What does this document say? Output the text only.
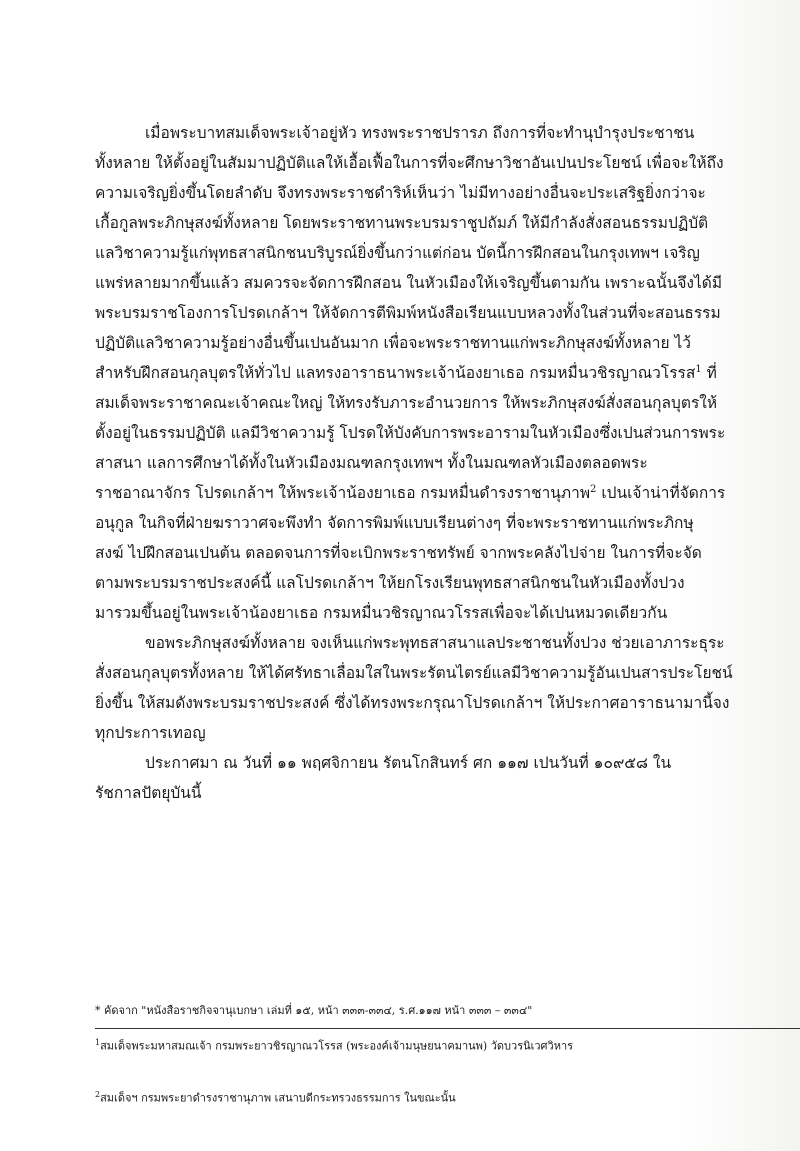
เมื่อพระบาทสมเด็จพระเจ้าอยู่หัว ทรงพระราชปรารภ ถึงการที่จะทำนุบำรุงประชาชน
ทั้งหลาย ให้ตั้งอยู่ในสัมมาปฏิบัติแลให้เอื้อเฟื้อในการที่จะศึกษาวิชาอันเปนประโยชน์ เพื่อจะให้ถึง
ความเจริญยิ่งขึ้นโดยลำดับ จึงทรงพระราชดำริห์เห็นว่า ไม่มีทางอย่างอื่นจะประเสริฐยิ่งกว่าจะ
เกื้อกูลพระภิกษุสงฆ์ทั้งหลาย โดยพระราชทานพระบรมราชูปถัมภ์ ให้มีกำลังสั่งสอนธรรมปฏิบัติ
แลวิชาความรู้แก่พุทธสาสนิกชนบริบูรณ์ยิ่งขึ้นกว่าแต่ก่อน บัดนี้การฝึกสอนในกรุงเทพฯ เจริญ
แพร่หลายมากขึ้นแล้ว สมควรจะจัดการฝึกสอน ในหัวเมืองให้เจริญขึ้นตามกัน เพราะฉนั้นจึงได้มี
พระบรมราชโองการโปรดเกล้าฯ ให้จัดการตีพิมพ์หนังสือเรียนแบบหลวงทั้งในส่วนที่จะสอนธรรม
ปฏิบัติแลวิชาความรู้อย่างอื่นขึ้นเปนอันมาก เพื่อจะพระราชทานแก่พระภิกษุสงฆ์ทั้งหลาย ไว้
สำหรับฝึกสอนกุลบุตรให้ทั่วไป แลทรงอาราธนาพระเจ้าน้องยาเธอ กรมหมื่นวชิรญาณวโรรส$^1$ ที่
สมเด็จพระราชาคณะเจ้าคณะใหญ่ ให้ทรงรับภาระอำนวยการ ให้พระภิกษุสงฆ์สั่งสอนกุลบุตรให้
ตั้งอยู่ในธรรมปฏิบัติ แลมีวิชาความรู้ โปรดให้บังคับการพระอารามในหัวเมืองซึ่งเปนส่วนการพระ
สาสนา แลการศึกษาได้ทั้งในหัวเมืองมณฑลกรุงเทพฯ ทั้งในมณฑลหัวเมืองตลอดพระ
ราชอาณาจักร โปรดเกล้าฯ ให้พระเจ้าน้องยาเธอ กรมหมื่นดำรงราชานุภาพ$^2$ เปนเจ้าน่าที่จัดการ
อนุกูล ในกิจที่ฝ่ายฆราวาศจะพึงทำ จัดการพิมพ์แบบเรียนต่างๆ ที่จะพระราชทานแก่พระภิกษุ
สงฆ์ ไปฝึกสอนเปนต้น ตลอดจนการที่จะเบิกพระราชทรัพย์ จากพระคลังไปจ่าย ในการที่จะจัด
ตามพระบรมราชประสงค์นี้ แลโปรดเกล้าฯ ให้ยกโรงเรียนพุทธสาสนิกชนในหัวเมืองทั้งปวง
มารวมขึ้นอยู่ในพระเจ้าน้องยาเธอ กรมหมื่นวชิรญาณวโรรสเพื่อจะได้เปนหมวดเดียวกัน

ขอพระภิกษุสงฆ์ทั้งหลาย จงเห็นแก่พระพุทธสาสนาแลประชาชนทั้งปวง ช่วยเอาภาระธุระ
สั่งสอนกุลบุตรทั้งหลาย ให้ได้ศรัทธาเลื่อมใสในพระรัตนไตรย์แลมีวิชาความรู้อันเปนสารประโยชน์
ยิ่งขึ้น ให้สมดังพระบรมราชประสงค์ ซึ่งได้ทรงพระกรุณาโปรดเกล้าฯ ให้ประกาศอาราธนามานี้จง
ทุกประการเทอญ

ประกาศมา ณ วันที่ ๑๑ พฤศจิกายน รัตนโกสินทร์ ศก ๑๑๗ เปนวันที่ ๑๐๙๕๘ ใน
รัชกาลปัตยุบันนี้

* คัดจาก "หนังสือราชกิจจานุเบกษา เล่มที่ ๑๕, หน้า ๓๓๓-๓๓๔, ร.ศ.๑๑๗ หน้า ๓๓๓ – ๓๓๔"
$^1$สมเด็จพระมหาสมณเจ้า กรมพระยาวชิรญาณวโรรส (พระองค์เจ้ามนุษยนาคมานพ) วัดบวรนิเวศวิหาร
$^2$สมเด็จฯ กรมพระยาดำรงราชานุภาพ เสนาบดีกระทรวงธรรมการ ในขณะนั้น
